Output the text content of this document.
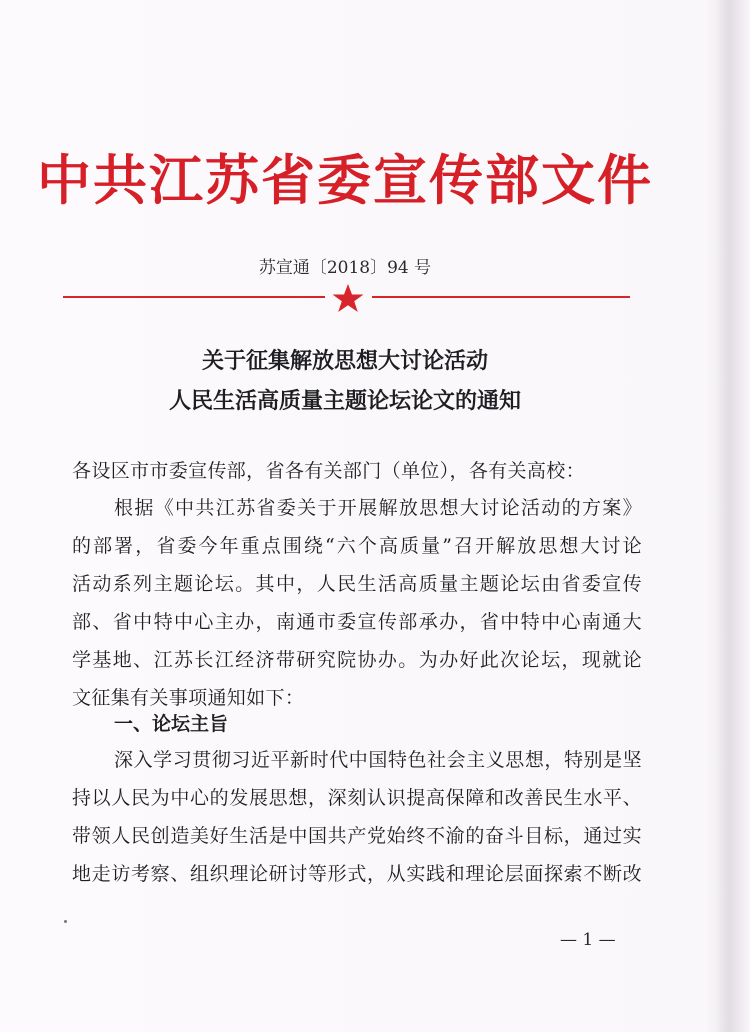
中共江苏省委宣传部文件
苏宣通〔2018〕94 号
关于征集解放思想大讨论活动
人民生活高质量主题论坛论文的通知
各设区市市委宣传部，省各有关部门（单位），各有关高校：
根据《中共江苏省委关于开展解放思想大讨论活动的方案》
的部署，省委今年重点围绕“六个高质量”召开解放思想大讨论
活动系列主题论坛。其中，人民生活高质量主题论坛由省委宣传
部、省中特中心主办，南通市委宣传部承办，省中特中心南通大
学基地、江苏长江经济带研究院协办。为办好此次论坛，现就论
文征集有关事项通知如下：
一、论坛主旨
深入学习贯彻习近平新时代中国特色社会主义思想，特别是坚
持以人民为中心的发展思想，深刻认识提高保障和改善民生水平、
带领人民创造美好生活是中国共产党始终不渝的奋斗目标，通过实
地走访考察、组织理论研讨等形式，从实践和理论层面探索不断改
— 1 —
